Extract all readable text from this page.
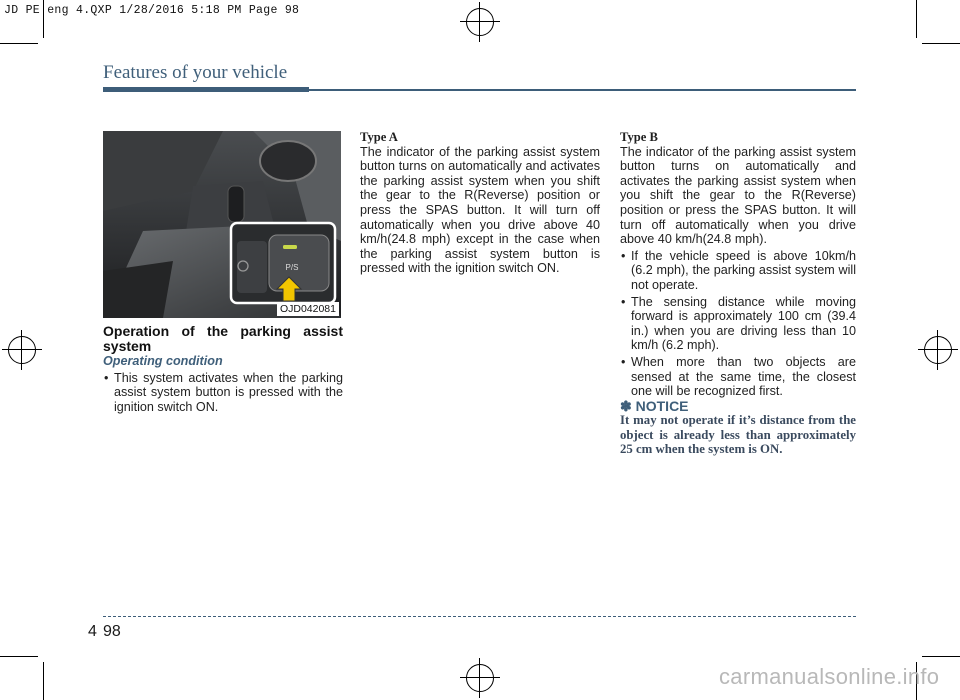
JD PE eng 4.QXP 1/28/2016 5:18 PM Page 98
Features of your vehicle
P/S
OJD042081

Operation of the parking assist system

Operating condition

• This system activates when the parking assist system button is pressed with the ignition switch ON.

Type A

The indicator of the parking assist system button turns on automatically and activates the parking assist system when you shift the gear to the R(Reverse) position or press the SPAS button. It will turn off automatically when you drive above 40 km/h(24.8 mph) except in the case when the parking assist system button is pressed with the ignition switch ON.

Type B

The indicator of the parking assist system button turns on automatically and activates the parking assist system when you shift the gear to the R(Reverse) position or press the SPAS button. It will turn off automatically when you drive above 40 km/h(24.8 mph).

• If the vehicle speed is above 10km/h (6.2 mph), the parking assist system will not operate.
• The sensing distance while moving forward is approximately 100 cm (39.4 in.) when you are driving less than 10 km/h (6.2 mph).
• When more than two objects are sensed at the same time, the closest one will be recognized first.

✽ NOTICE

It may not operate if it’s distance from the object is already less than approximately 25 cm when the system is ON.

4 98
carmanualsonline.info
